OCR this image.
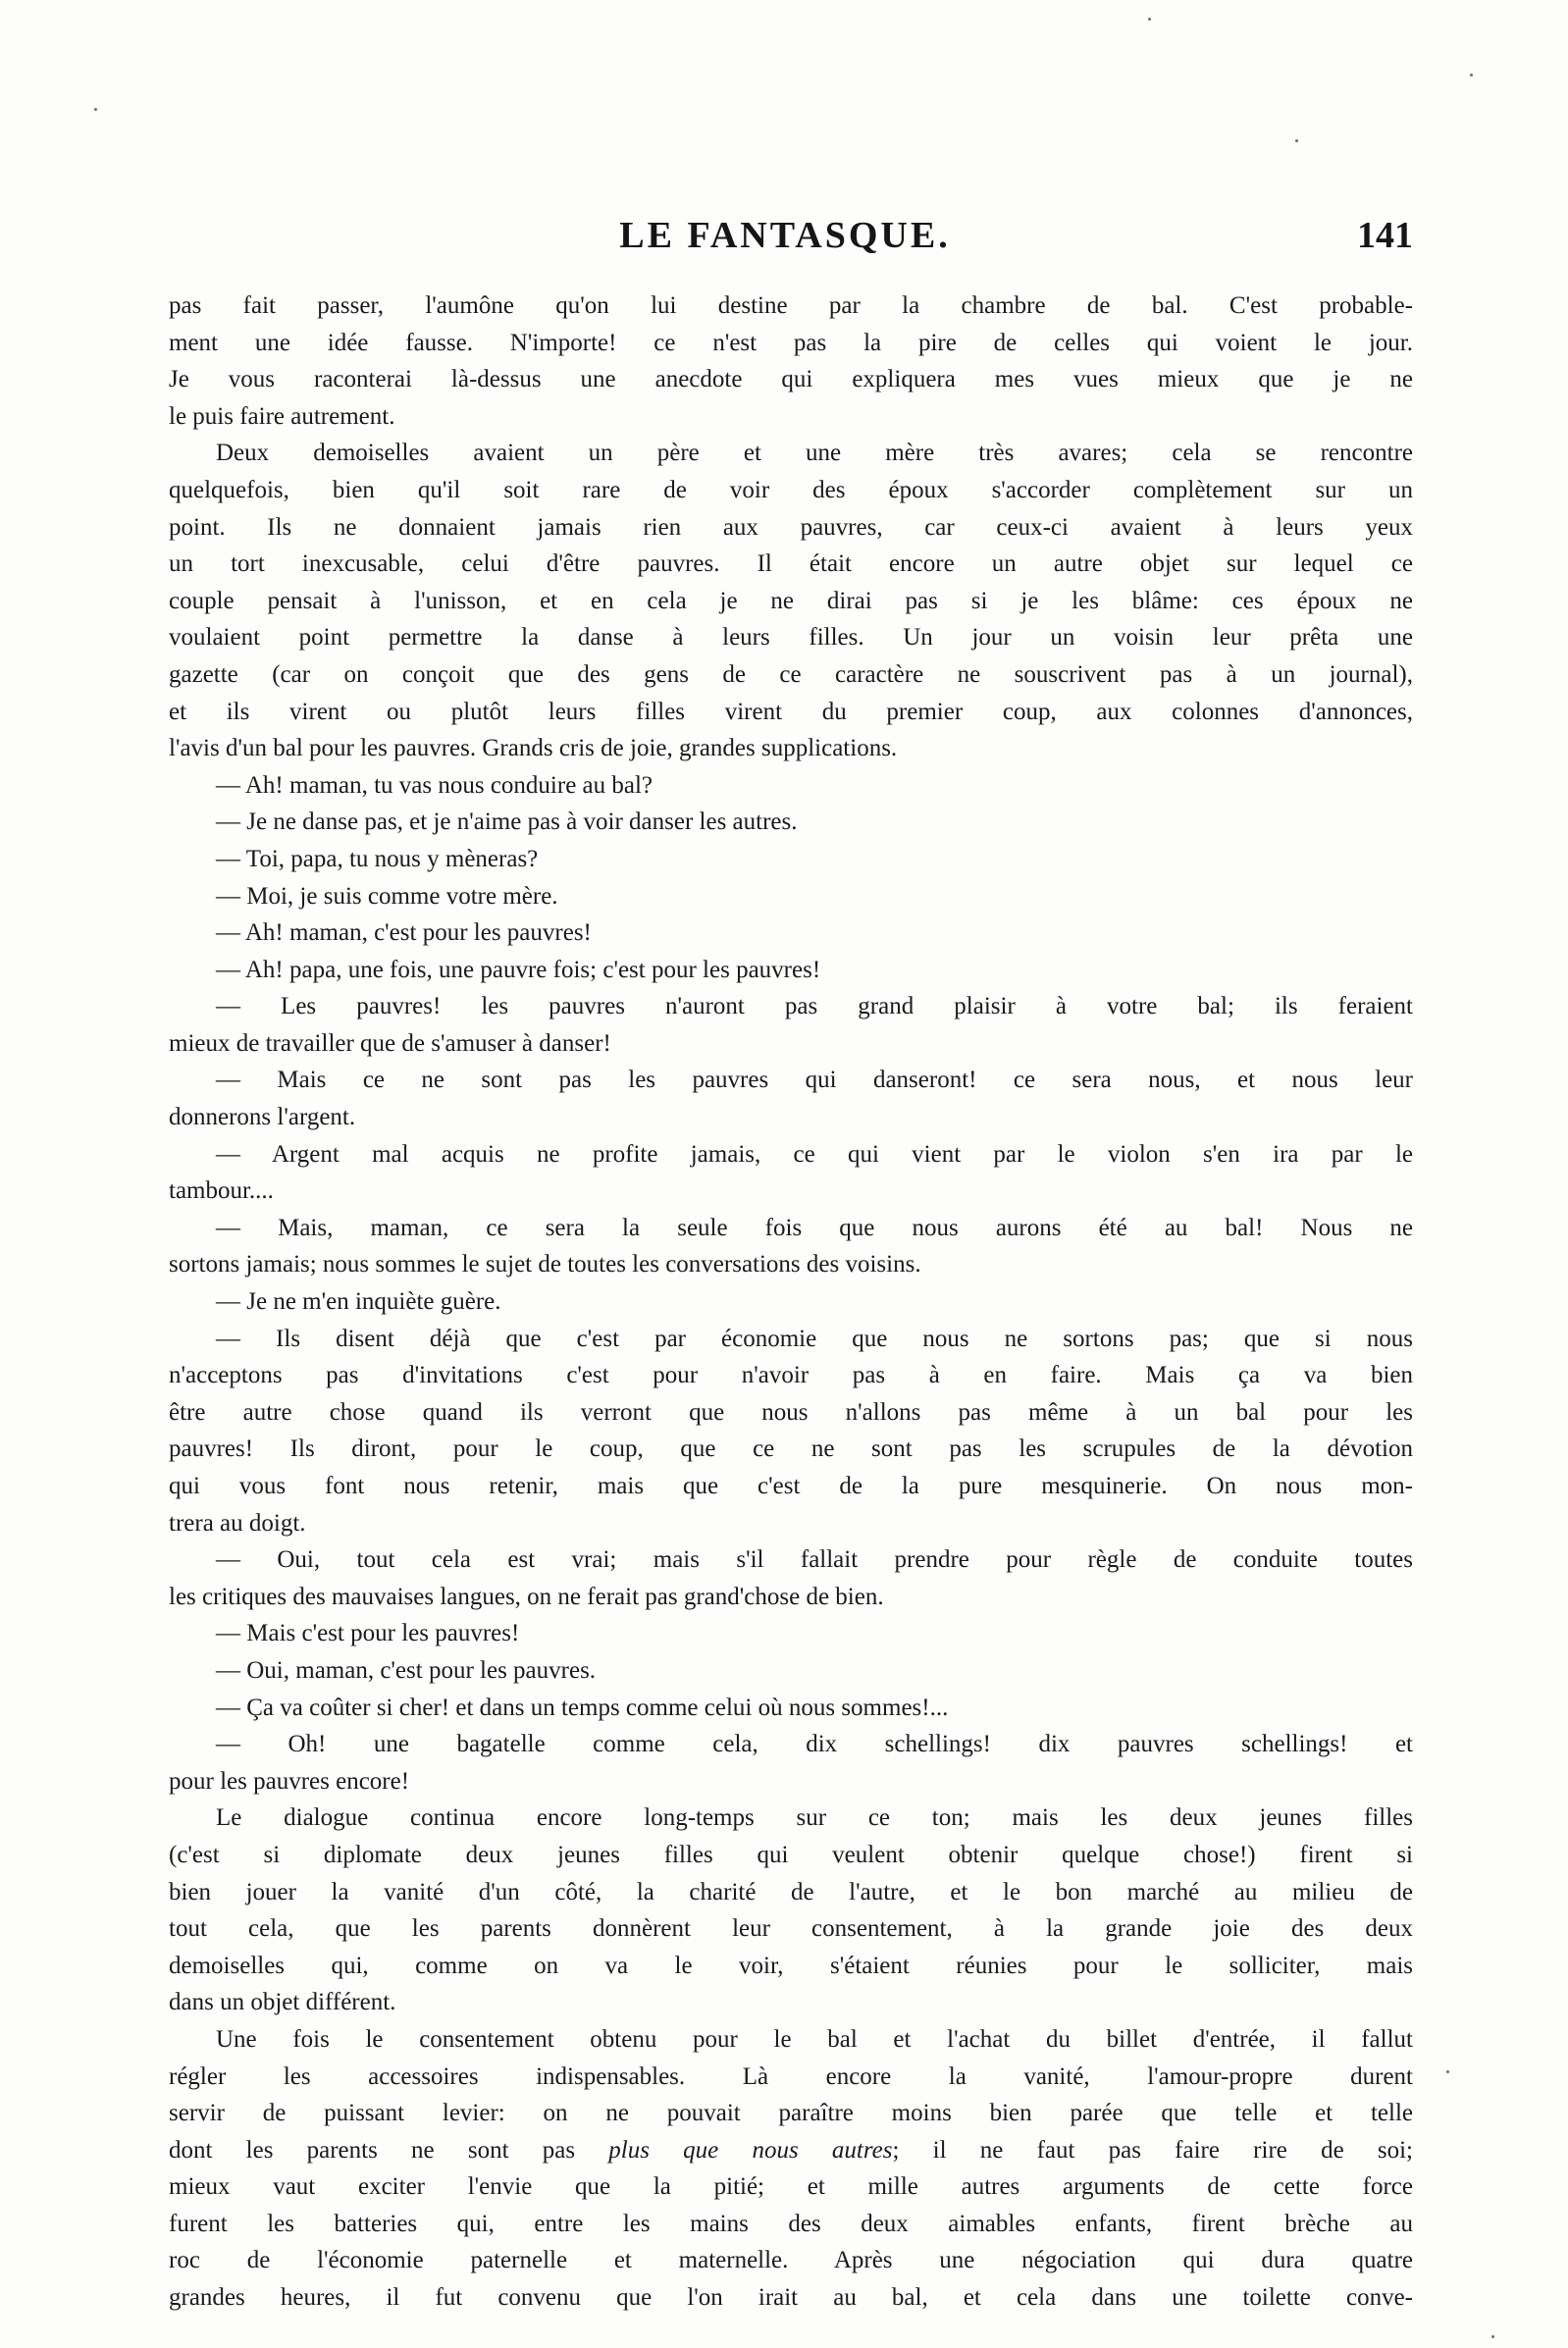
LE FANTASQUE.	141
pas fait passer, l'aumône qu'on lui destine par la chambre de bal. C'est probable-
ment une idée fausse. N'importe! ce n'est pas la pire de celles qui voient le jour.
Je vous raconterai là-dessus une anecdote qui expliquera mes vues mieux que je ne
le puis faire autrement.
Deux demoiselles avaient un père et une mère très avares; cela se rencontre
quelquefois, bien qu'il soit rare de voir des époux s'accorder complètement sur un
point. Ils ne donnaient jamais rien aux pauvres, car ceux-ci avaient à leurs yeux
un tort inexcusable, celui d'être pauvres. Il était encore un autre objet sur lequel ce
couple pensait à l'unisson, et en cela je ne dirai pas si je les blâme: ces époux ne
voulaient point permettre la danse à leurs filles. Un jour un voisin leur prêta une
gazette (car on conçoit que des gens de ce caractère ne souscrivent pas à un journal),
et ils virent ou plutôt leurs filles virent du premier coup, aux colonnes d'annonces,
l'avis d'un bal pour les pauvres. Grands cris de joie, grandes supplications.
— Ah! maman, tu vas nous conduire au bal?
— Je ne danse pas, et je n'aime pas à voir danser les autres.
— Toi, papa, tu nous y mèneras?
— Moi, je suis comme votre mère.
— Ah! maman, c'est pour les pauvres!
— Ah! papa, une fois, une pauvre fois; c'est pour les pauvres!
— Les pauvres! les pauvres n'auront pas grand plaisir à votre bal; ils feraient
mieux de travailler que de s'amuser à danser!
— Mais ce ne sont pas les pauvres qui danseront! ce sera nous, et nous leur
donnerons l'argent.
— Argent mal acquis ne profite jamais, ce qui vient par le violon s'en ira par le
tambour....
— Mais, maman, ce sera la seule fois que nous aurons été au bal! Nous ne
sortons jamais; nous sommes le sujet de toutes les conversations des voisins.
— Je ne m'en inquiète guère.
— Ils disent déjà que c'est par économie que nous ne sortons pas; que si nous
n'acceptons pas d'invitations c'est pour n'avoir pas à en faire. Mais ça va bien
être autre chose quand ils verront que nous n'allons pas même à un bal pour les
pauvres! Ils diront, pour le coup, que ce ne sont pas les scrupules de la dévotion
qui vous font nous retenir, mais que c'est de la pure mesquinerie. On nous mon-
trera au doigt.
— Oui, tout cela est vrai; mais s'il fallait prendre pour règle de conduite toutes
les critiques des mauvaises langues, on ne ferait pas grand'chose de bien.
— Mais c'est pour les pauvres!
— Oui, maman, c'est pour les pauvres.
— Ça va coûter si cher! et dans un temps comme celui où nous sommes!...
— Oh! une bagatelle comme cela, dix schellings! dix pauvres schellings! et
pour les pauvres encore!
Le dialogue continua encore long-temps sur ce ton; mais les deux jeunes filles
(c'est si diplomate deux jeunes filles qui veulent obtenir quelque chose!) firent si
bien jouer la vanité d'un côté, la charité de l'autre, et le bon marché au milieu de
tout cela, que les parents donnèrent leur consentement, à la grande joie des deux
demoiselles qui, comme on va le voir, s'étaient réunies pour le solliciter, mais
dans un objet différent.
Une fois le consentement obtenu pour le bal et l'achat du billet d'entrée, il fallut
régler les accessoires indispensables. Là encore la vanité, l'amour-propre durent
servir de puissant levier: on ne pouvait paraître moins bien parée que telle et telle
dont les parents ne sont pas plus que nous autres; il ne faut pas faire rire de soi;
mieux vaut exciter l'envie que la pitié; et mille autres arguments de cette force
furent les batteries qui, entre les mains des deux aimables enfants, firent brèche au
roc de l'économie paternelle et maternelle. Après une négociation qui dura quatre
grandes heures, il fut convenu que l'on irait au bal, et cela dans une toilette conve-
